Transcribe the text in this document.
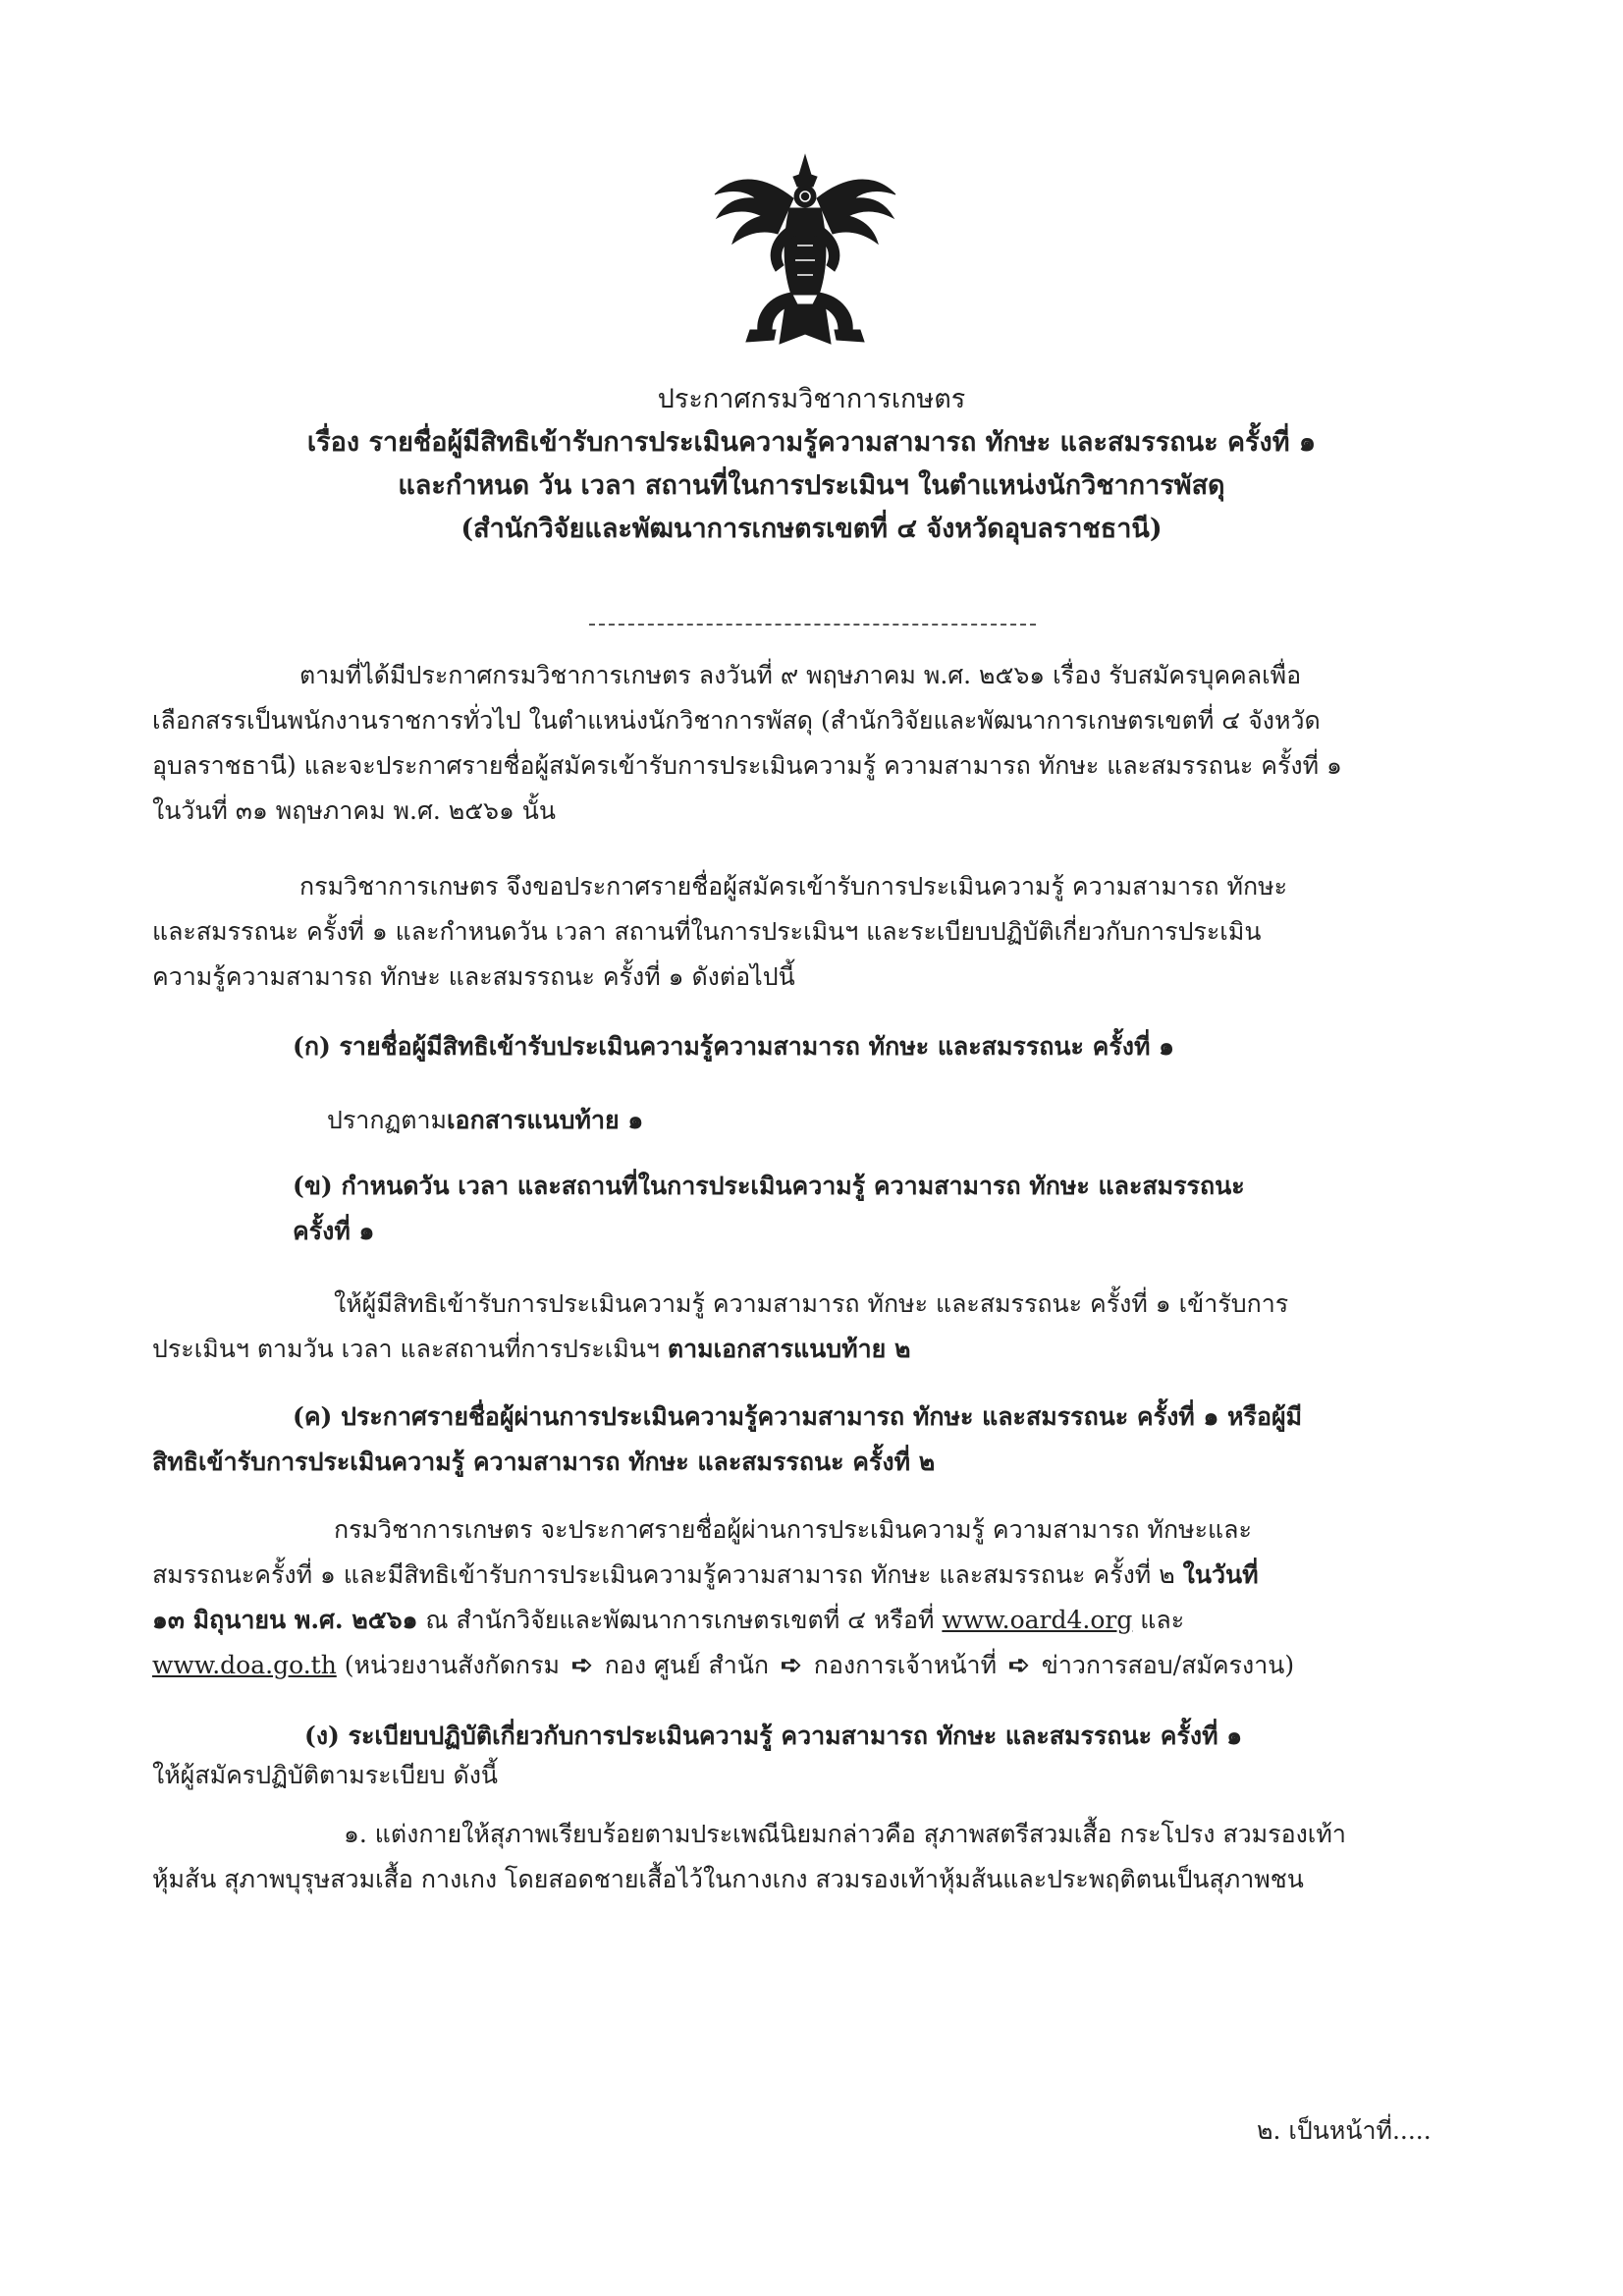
ประกาศกรมวิชาการเกษตร
เรื่อง รายชื่อผู้มีสิทธิเข้ารับการประเมินความรู้ความสามารถ ทักษะ และสมรรถนะ ครั้งที่ ๑
และกำหนด วัน เวลา สถานที่ในการประเมินฯ ในตำแหน่งนักวิชาการพัสดุ
(สำนักวิจัยและพัฒนาการเกษตรเขตที่ ๔ จังหวัดอุบลราชธานี)
ตามที่ได้มีประกาศกรมวิชาการเกษตร ลงวันที่ ๙ พฤษภาคม พ.ศ. ๒๕๖๑ เรื่อง รับสมัครบุคคลเพื่อ
เลือกสรรเป็นพนักงานราชการทั่วไป ในตำแหน่งนักวิชาการพัสดุ (สำนักวิจัยและพัฒนาการเกษตรเขตที่ ๔ จังหวัด
อุบลราชธานี) และจะประกาศรายชื่อผู้สมัครเข้ารับการประเมินความรู้ ความสามารถ ทักษะ และสมรรถนะ ครั้งที่ ๑
ในวันที่ ๓๑ พฤษภาคม พ.ศ. ๒๕๖๑ นั้น
กรมวิชาการเกษตร จึงขอประกาศรายชื่อผู้สมัครเข้ารับการประเมินความรู้ ความสามารถ ทักษะ
และสมรรถนะ ครั้งที่ ๑ และกำหนดวัน เวลา สถานที่ในการประเมินฯ และระเบียบปฏิบัติเกี่ยวกับการประเมิน
ความรู้ความสามารถ ทักษะ และสมรรถนะ ครั้งที่ ๑ ดังต่อไปนี้
(ก) รายชื่อผู้มีสิทธิเข้ารับประเมินความรู้ความสามารถ ทักษะ และสมรรถนะ ครั้งที่ ๑
ปรากฏตามเอกสารแนบท้าย ๑
(ข) กำหนดวัน เวลา และสถานที่ในการประเมินความรู้ ความสามารถ ทักษะ และสมรรถนะ
ครั้งที่ ๑
ให้ผู้มีสิทธิเข้ารับการประเมินความรู้ ความสามารถ ทักษะ และสมรรถนะ ครั้งที่ ๑ เข้ารับการ
ประเมินฯ ตามวัน เวลา และสถานที่การประเมินฯ ตามเอกสารแนบท้าย ๒
(ค) ประกาศรายชื่อผู้ผ่านการประเมินความรู้ความสามารถ ทักษะ และสมรรถนะ ครั้งที่ ๑ หรือผู้มี
สิทธิเข้ารับการประเมินความรู้ ความสามารถ ทักษะ และสมรรถนะ ครั้งที่ ๒
กรมวิชาการเกษตร จะประกาศรายชื่อผู้ผ่านการประเมินความรู้ ความสามารถ ทักษะและ
สมรรถนะครั้งที่ ๑ และมีสิทธิเข้ารับการประเมินความรู้ความสามารถ ทักษะ และสมรรถนะ ครั้งที่ ๒ ในวันที่
๑๓ มิถุนายน พ.ศ. ๒๕๖๑ ณ สำนักวิจัยและพัฒนาการเกษตรเขตที่ ๔ หรือที่ www.oard4.org และ
www.doa.go.th (หน่วยงานสังกัดกรม ➪ กอง ศูนย์ สำนัก ➪ กองการเจ้าหน้าที่ ➪ ข่าวการสอบ/สมัครงาน)
(ง) ระเบียบปฏิบัติเกี่ยวกับการประเมินความรู้ ความสามารถ ทักษะ และสมรรถนะ ครั้งที่ ๑
ให้ผู้สมัครปฏิบัติตามระเบียบ ดังนี้
๑. แต่งกายให้สุภาพเรียบร้อยตามประเพณีนิยมกล่าวคือ สุภาพสตรีสวมเสื้อ กระโปรง สวมรองเท้า
หุ้มส้น สุภาพบุรุษสวมเสื้อ กางเกง โดยสอดชายเสื้อไว้ในกางเกง สวมรองเท้าหุ้มส้นและประพฤติตนเป็นสุภาพชน
๒. เป็นหน้าที่.....
